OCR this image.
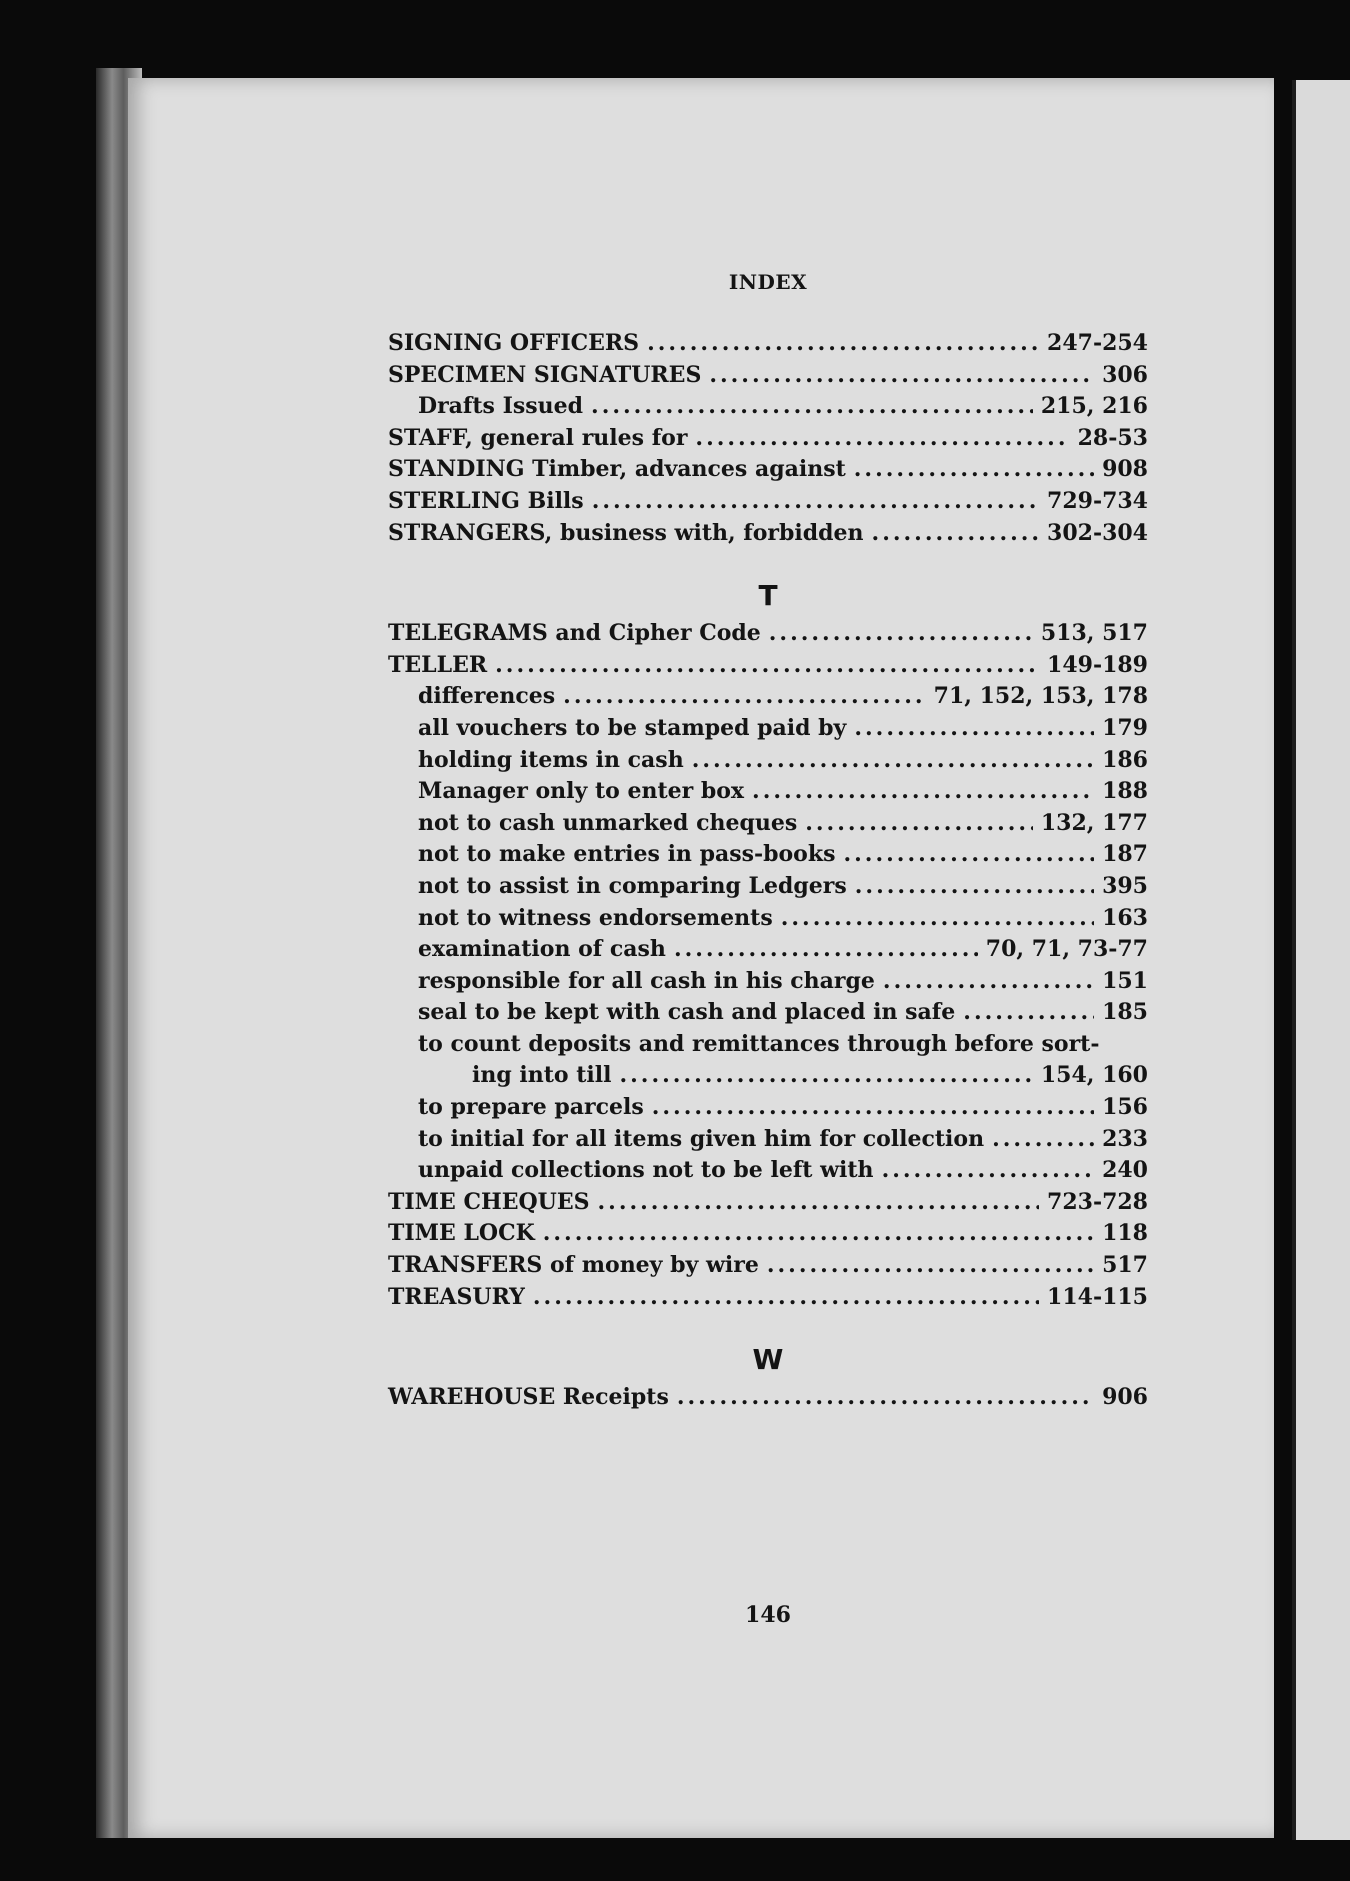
INDEX
SIGNING OFFICERS .....	247-254
SPECIMEN SIGNATURES .....	306
Drafts Issued .....	215, 216
STAFF, general rules for .....	28-53
STANDING Timber, advances against .....	908
STERLING Bills .....	729-734
STRANGERS, business with, forbidden .....	302-304
T
TELEGRAMS and Cipher Code .....	513, 517
TELLER .....	149-189
differences .....	71, 152, 153, 178
all vouchers to be stamped paid by .....	179
holding items in cash .....	186
Manager only to enter box .....	188
not to cash unmarked cheques .....	132, 177
not to make entries in pass-books .....	187
not to assist in comparing Ledgers .....	395
not to witness endorsements .....	163
examination of cash .....	70, 71, 73-77
responsible for all cash in his charge .....	151
seal to be kept with cash and placed in safe .....	185
to count deposits and remittances through before sort-
ing into till .....	154, 160
to prepare parcels .....	156
to initial for all items given him for collection .....	233
unpaid collections not to be left with .....	240
TIME CHEQUES .....	723-728
TIME LOCK .....	118
TRANSFERS of money by wire .....	517
TREASURY .....	114-115
W
WAREHOUSE Receipts .....	906
146
